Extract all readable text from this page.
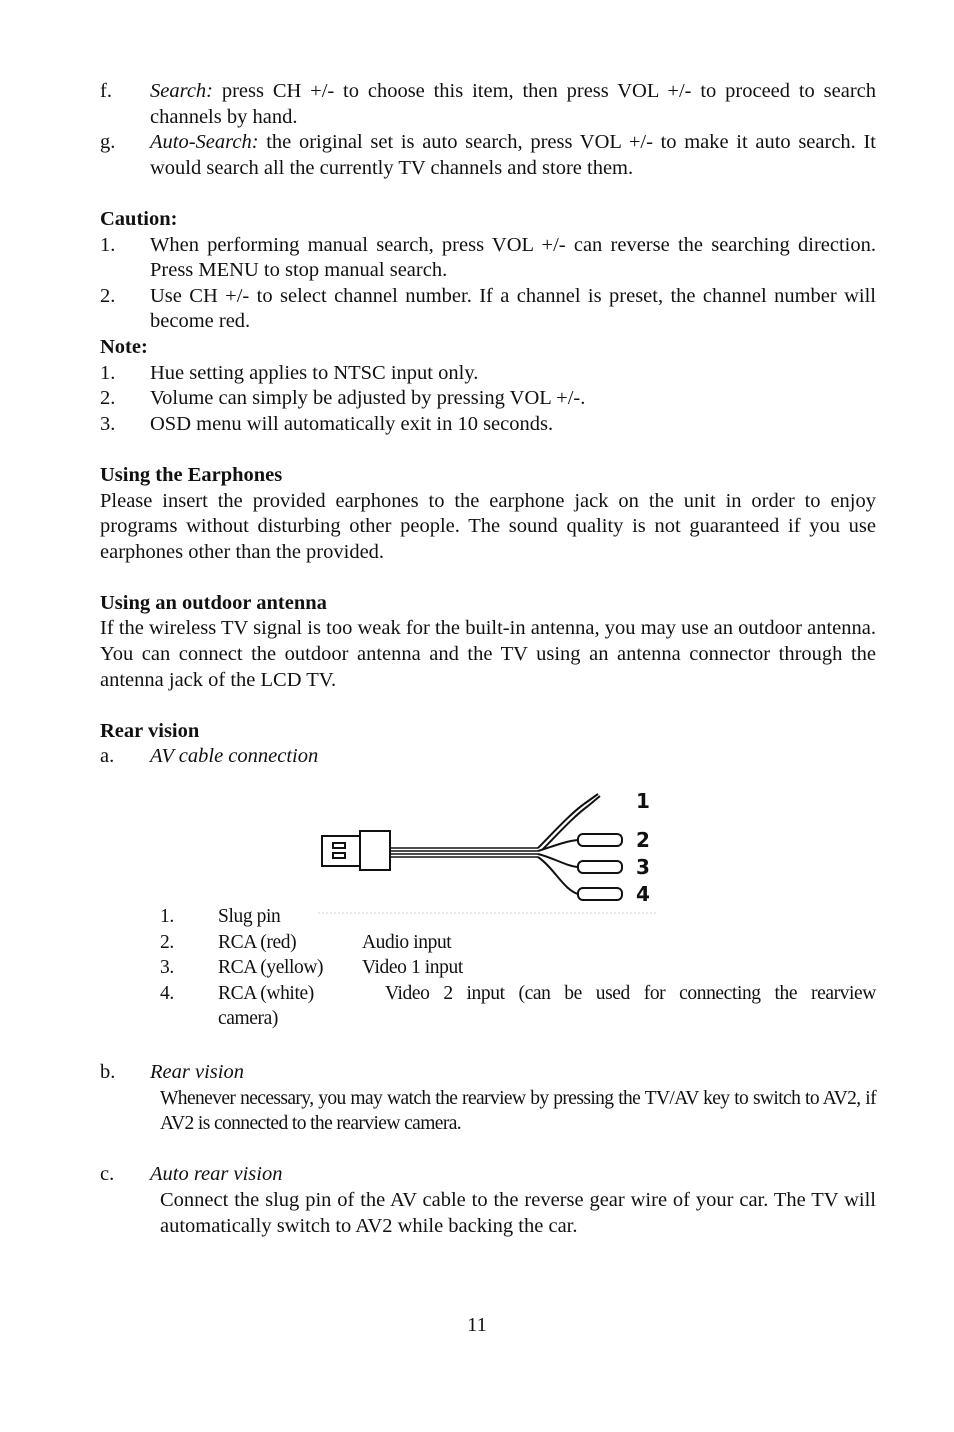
f. Search: press CH +/- to choose this item, then press VOL +/- to proceed to search channels by hand.
g. Auto-Search: the original set is auto search, press VOL +/- to make it auto search. It would search all the currently TV channels and store them.
Caution:
1. When performing manual search, press VOL +/- can reverse the searching direction. Press MENU to stop manual search.
2. Use CH +/- to select channel number. If a channel is preset, the channel number will become red.
Note:
1. Hue setting applies to NTSC input only.
2. Volume can simply be adjusted by pressing VOL +/-.
3. OSD menu will automatically exit in 10 seconds.
Using the Earphones
Please insert the provided earphones to the earphone jack on the unit in order to enjoy programs without disturbing other people. The sound quality is not guaranteed if you use earphones other than the provided.
Using an outdoor antenna
If the wireless TV signal is too weak for the built-in antenna, you may use an outdoor antenna. You can connect the outdoor antenna and the TV using an antenna connector through the antenna jack of the LCD TV.
Rear vision
a. AV cable connection
1
2
3
4
1. Slug pin
2. RCA (red)	Audio input
3. RCA (yellow) Video 1 input
4. RCA (white)	Video 2 input (can be used for connecting the rearview
camera)
b. Rear vision
Whenever necessary, you may watch the rearview by pressing the TV/AV key to switch to AV2, if AV2 is connected to the rearview camera.
c. Auto rear vision
Connect the slug pin of the AV cable to the reverse gear wire of your car. The TV will automatically switch to AV2 while backing the car.
11
